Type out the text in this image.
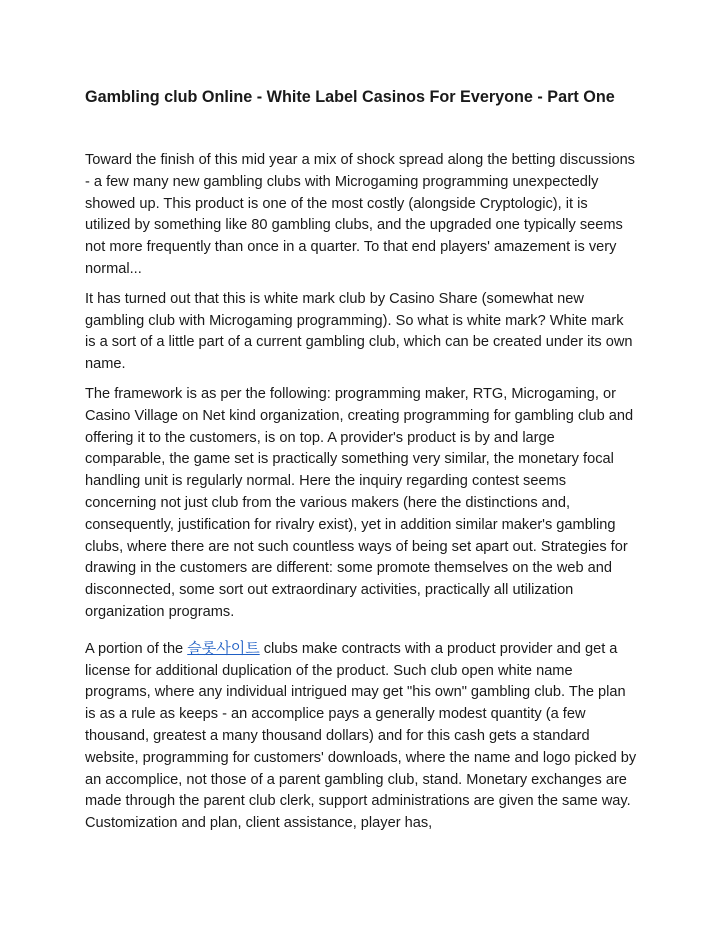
Gambling club Online - White Label Casinos For Everyone - Part One

Toward the finish of this mid year a mix of shock spread along the betting discussions - a few many new gambling clubs with Microgaming programming unexpectedly showed up. This product is one of the most costly (alongside Cryptologic), it is utilized by something like 80 gambling clubs, and the upgraded one typically seems not more frequently than once in a quarter. To that end players' amazement is very normal...

It has turned out that this is white mark club by Casino Share (somewhat new gambling club with Microgaming programming). So what is white mark? White mark is a sort of a little part of a current gambling club, which can be created under its own name.

The framework is as per the following: programming maker, RTG, Microgaming, or Casino Village on Net kind organization, creating programming for gambling club and offering it to the customers, is on top. A provider's product is by and large comparable, the game set is practically something very similar, the monetary focal handling unit is regularly normal. Here the inquiry regarding contest seems concerning not just club from the various makers (here the distinctions and, consequently, justification for rivalry exist), yet in addition similar maker's gambling clubs, where there are not such countless ways of being set apart out. Strategies for drawing in the customers are different: some promote themselves on the web and disconnected, some sort out extraordinary activities, practically all utilization organization programs.

A portion of the 슬롯사이트 clubs make contracts with a product provider and get a license for additional duplication of the product. Such club open white name programs, where any individual intrigued may get "his own" gambling club. The plan is as a rule as keeps - an accomplice pays a generally modest quantity (a few thousand, greatest a many thousand dollars) and for this cash gets a standard website, programming for customers' downloads, where the name and logo picked by an accomplice, not those of a parent gambling club, stand. Monetary exchanges are made through the parent club clerk, support administrations are given the same way. Customization and plan, client assistance, player has,
